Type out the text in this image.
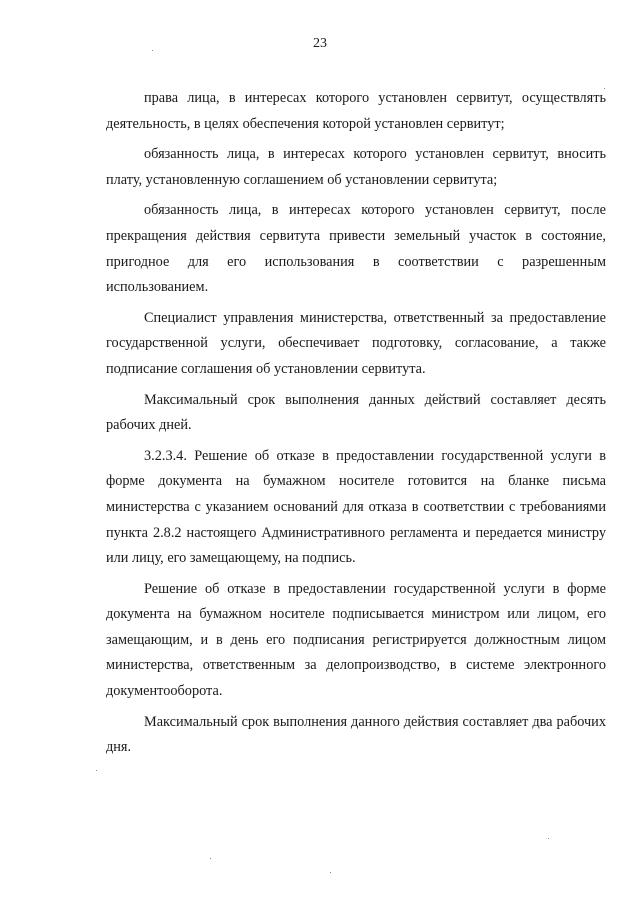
23

права лица, в интересах которого установлен сервитут, осуществлять деятельность, в целях обеспечения которой установлен сервитут;

обязанность лица, в интересах которого установлен сервитут, вносить плату, установленную соглашением об установлении сервитута;

обязанность лица, в интересах которого установлен сервитут, после прекращения действия сервитута привести земельный участок в состояние, пригодное для его использования в соответствии с разрешенным использованием.

Специалист управления министерства, ответственный за предоставление государственной услуги, обеспечивает подготовку, согласование, а также подписание соглашения об установлении сервитута.

Максимальный срок выполнения данных действий составляет десять рабочих дней.

3.2.3.4. Решение об отказе в предоставлении государственной услуги в форме документа на бумажном носителе готовится на бланке письма министерства с указанием оснований для отказа в соответствии с требованиями пункта 2.8.2 настоящего Административного регламента и передается министру или лицу, его замещающему, на подпись.

Решение об отказе в предоставлении государственной услуги в форме документа на бумажном носителе подписывается министром или лицом, его замещающим, и в день его подписания регистрируется должностным лицом министерства, ответственным за делопроизводство, в системе электронного документооборота.

Максимальный срок выполнения данного действия составляет два рабочих дня.
